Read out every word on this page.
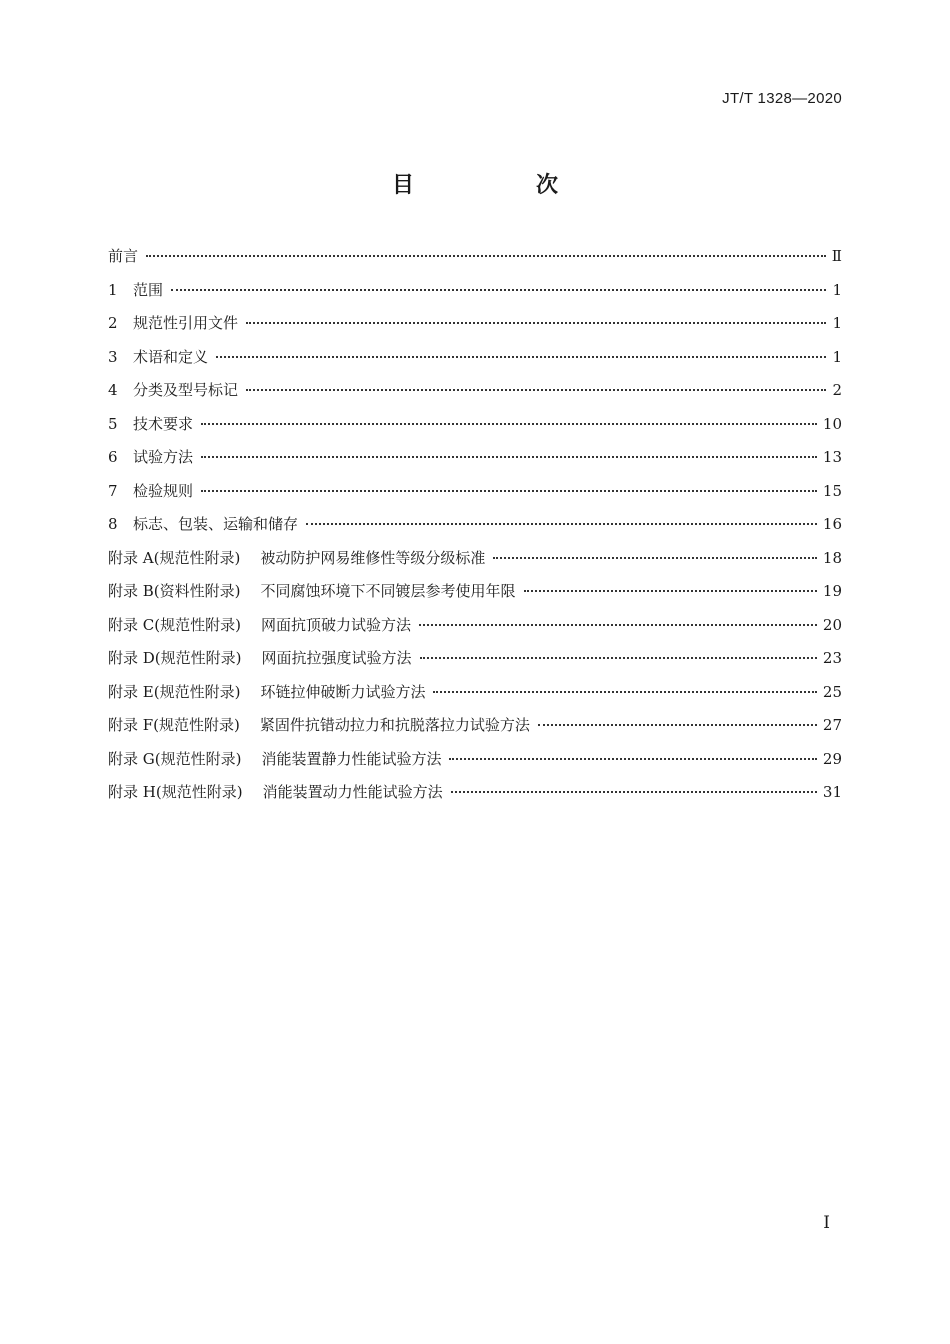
JT/T 1328—2020
目　次
前言	Ⅱ
1	范围	1
2	规范性引用文件	1
3	术语和定义	1
4	分类及型号标记	2
5	技术要求	10
6	试验方法	13
7	检验规则	15
8	标志、包装、运输和储存	16
附录 A(规范性附录) 被动防护网易维修性等级分级标准	18
附录 B(资料性附录) 不同腐蚀环境下不同镀层参考使用年限	19
附录 C(规范性附录) 网面抗顶破力试验方法	20
附录 D(规范性附录) 网面抗拉强度试验方法	23
附录 E(规范性附录) 环链拉伸破断力试验方法	25
附录 F(规范性附录) 紧固件抗错动拉力和抗脱落拉力试验方法	27
附录 G(规范性附录) 消能装置静力性能试验方法	29
附录 H(规范性附录) 消能装置动力性能试验方法	31
Ⅰ
